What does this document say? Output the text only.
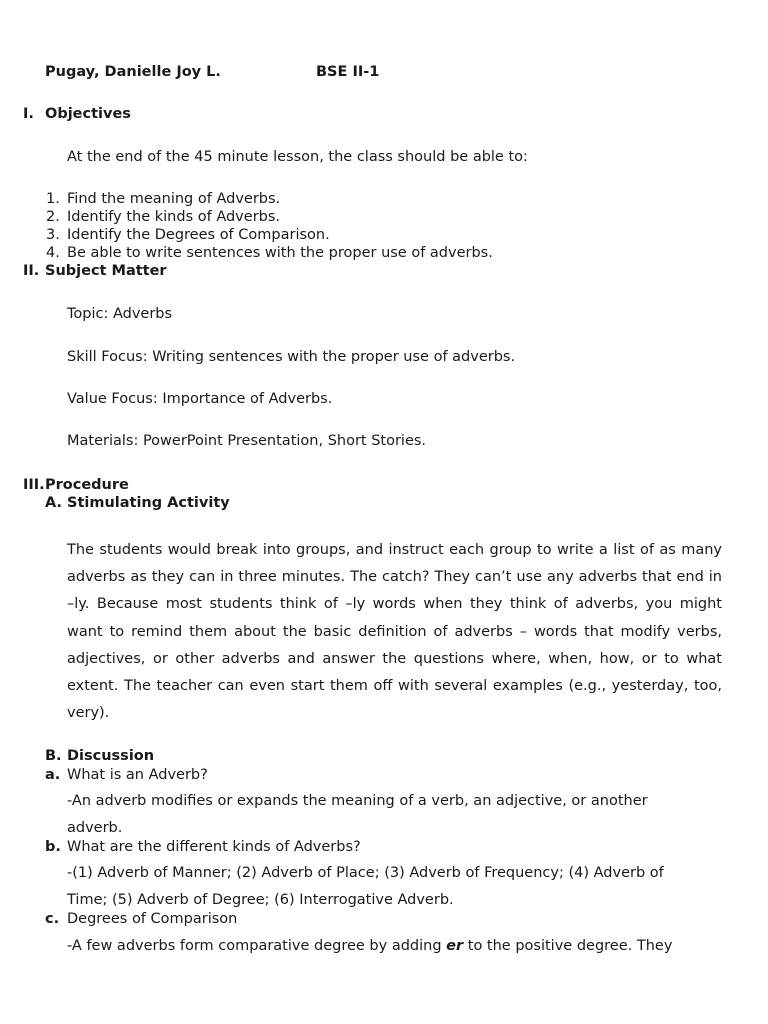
Pugay, Danielle Joy L.	BSE II-1
I. Objectives
At the end of the 45 minute lesson, the class should be able to:
1. Find the meaning of Adverbs.
2. Identify the kinds of Adverbs.
3. Identify the Degrees of Comparison.
4. Be able to write sentences with the proper use of adverbs.
II. Subject Matter
Topic: Adverbs
Skill Focus: Writing sentences with the proper use of adverbs.
Value Focus: Importance of Adverbs.
Materials: PowerPoint Presentation, Short Stories.
III. Procedure
A. Stimulating Activity
The students would break into groups, and instruct each group to write a list of as many adverbs as they can in three minutes. The catch? They can’t use any adverbs that end in –ly. Because most students think of –ly words when they think of adverbs, you might want to remind them about the basic definition of adverbs – words that modify verbs, adjectives, or other adverbs and answer the questions where, when, how, or to what extent. The teacher can even start them off with several examples (e.g., yesterday, too, very).
B. Discussion
a. What is an Adverb?
-An adverb modifies or expands the meaning of a verb, an adjective, or another adverb.
b. What are the different kinds of Adverbs?
-(1) Adverb of Manner; (2) Adverb of Place; (3) Adverb of Frequency; (4) Adverb of Time; (5) Adverb of Degree; (6) Interrogative Adverb.
c. Degrees of Comparison
-A few adverbs form comparative degree by adding er to the positive degree. They
